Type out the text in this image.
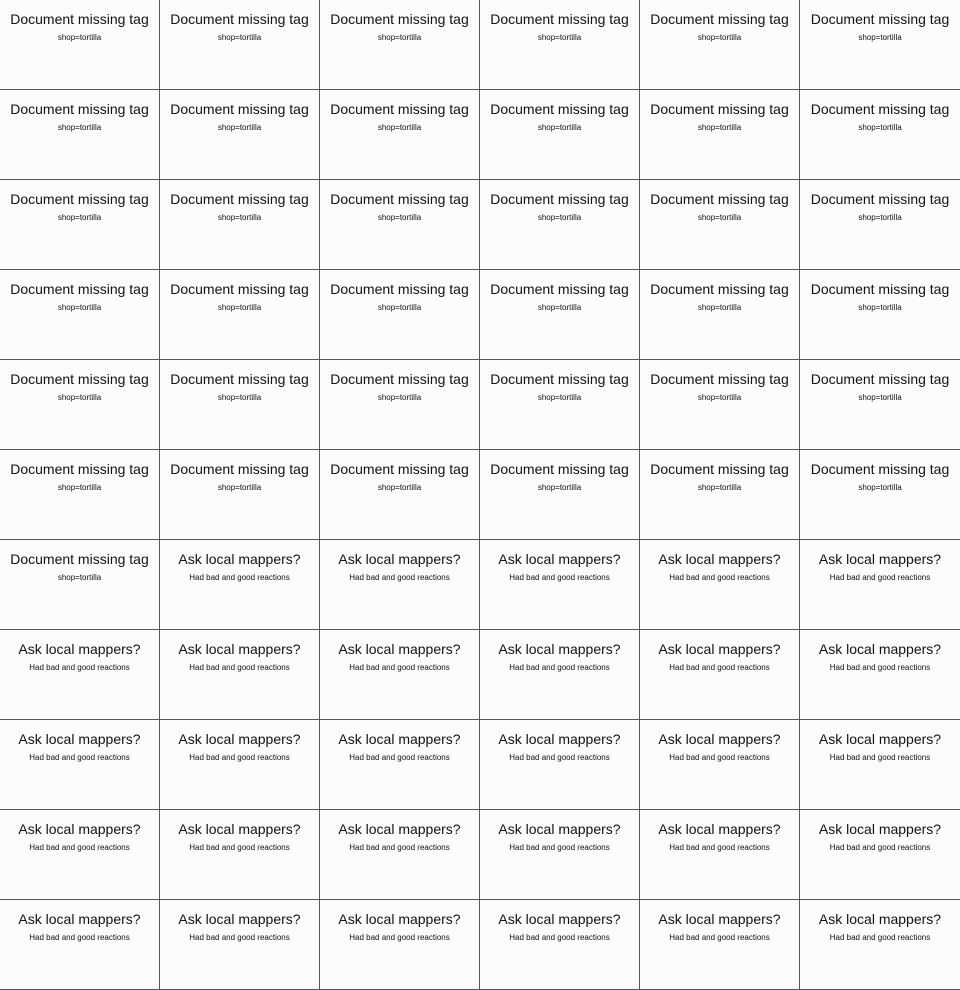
Document missing tag
shop=tortilla
Document missing tag
shop=tortilla
Document missing tag
shop=tortilla
Document missing tag
shop=tortilla
Document missing tag
shop=tortilla
Document missing tag
shop=tortilla
Document missing tag
shop=tortilla
Document missing tag
shop=tortilla
Document missing tag
shop=tortilla
Document missing tag
shop=tortilla
Document missing tag
shop=tortilla
Document missing tag
shop=tortilla
Document missing tag
shop=tortilla
Document missing tag
shop=tortilla
Document missing tag
shop=tortilla
Document missing tag
shop=tortilla
Document missing tag
shop=tortilla
Document missing tag
shop=tortilla
Document missing tag
shop=tortilla
Document missing tag
shop=tortilla
Document missing tag
shop=tortilla
Document missing tag
shop=tortilla
Document missing tag
shop=tortilla
Document missing tag
shop=tortilla
Document missing tag
shop=tortilla
Document missing tag
shop=tortilla
Document missing tag
shop=tortilla
Document missing tag
shop=tortilla
Document missing tag
shop=tortilla
Document missing tag
shop=tortilla
Document missing tag
shop=tortilla
Document missing tag
shop=tortilla
Document missing tag
shop=tortilla
Document missing tag
shop=tortilla
Document missing tag
shop=tortilla
Document missing tag
shop=tortilla
Document missing tag
shop=tortilla
Ask local mappers?
Had bad and good reactions
Ask local mappers?
Had bad and good reactions
Ask local mappers?
Had bad and good reactions
Ask local mappers?
Had bad and good reactions
Ask local mappers?
Had bad and good reactions
Ask local mappers?
Had bad and good reactions
Ask local mappers?
Had bad and good reactions
Ask local mappers?
Had bad and good reactions
Ask local mappers?
Had bad and good reactions
Ask local mappers?
Had bad and good reactions
Ask local mappers?
Had bad and good reactions
Ask local mappers?
Had bad and good reactions
Ask local mappers?
Had bad and good reactions
Ask local mappers?
Had bad and good reactions
Ask local mappers?
Had bad and good reactions
Ask local mappers?
Had bad and good reactions
Ask local mappers?
Had bad and good reactions
Ask local mappers?
Had bad and good reactions
Ask local mappers?
Had bad and good reactions
Ask local mappers?
Had bad and good reactions
Ask local mappers?
Had bad and good reactions
Ask local mappers?
Had bad and good reactions
Ask local mappers?
Had bad and good reactions
Ask local mappers?
Had bad and good reactions
Ask local mappers?
Had bad and good reactions
Ask local mappers?
Had bad and good reactions
Ask local mappers?
Had bad and good reactions
Ask local mappers?
Had bad and good reactions
Ask local mappers?
Had bad and good reactions
